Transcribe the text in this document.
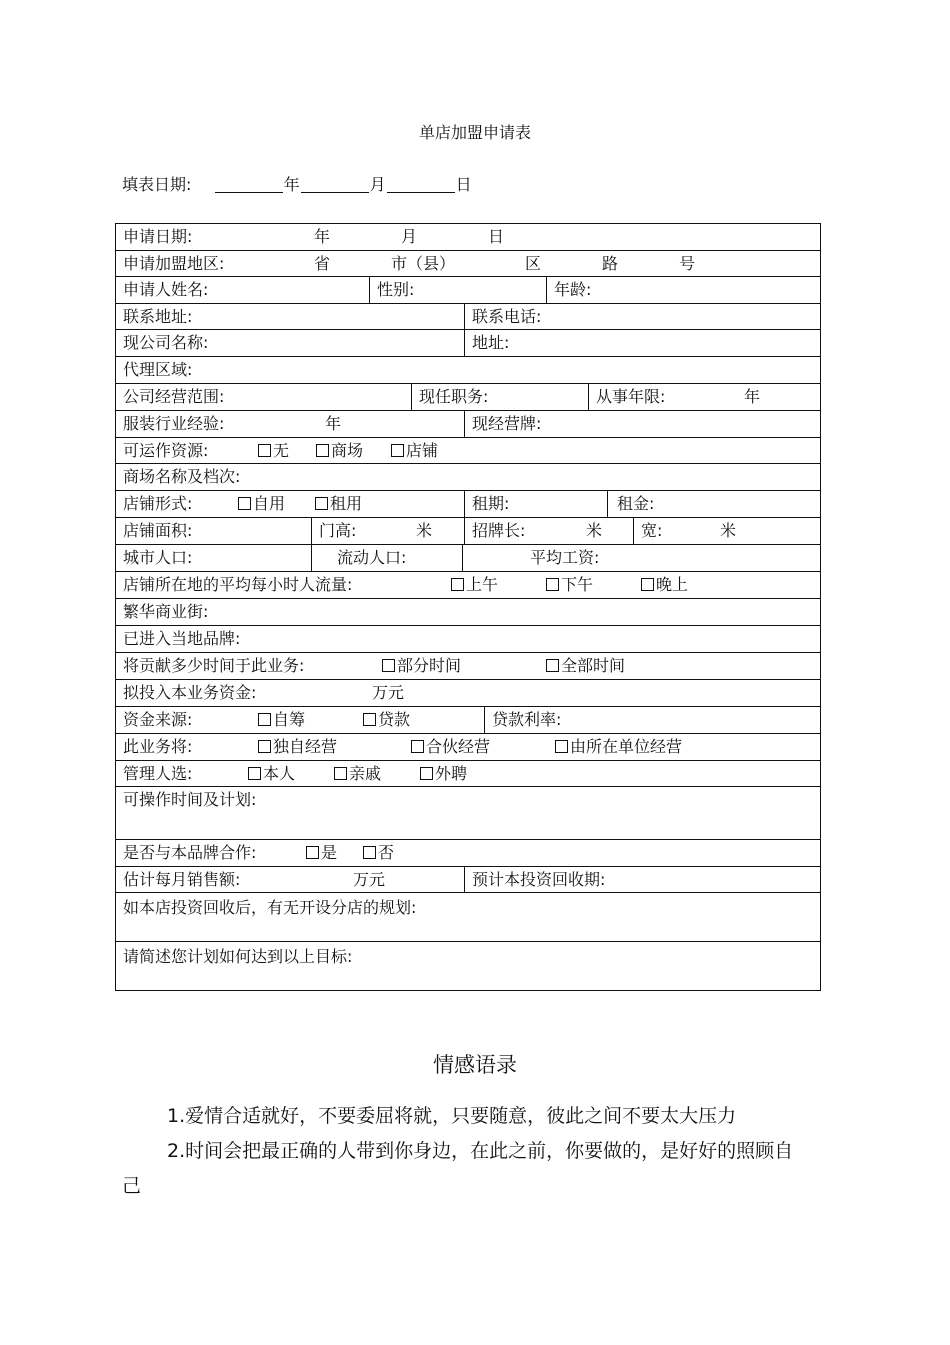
单店加盟申请表
填表日期:	年	月	日
申请日期:	年	月	日
申请加盟地区:	省	市（县）	区	路	号
申请人姓名:	性别:	年龄:
联系地址:	联系电话:
现公司名称:	地址:
代理区域:
公司经营范围:	现任职务:	从事年限:	年
服装行业经验:	年	现经营牌:
可运作资源:	无	商场	店铺
商场名称及档次:
店铺形式:	自用	租用	租期:	租金:
店铺面积:	门高:	米	招牌长:	米	宽:	米
城市人口:	流动人口:	平均工资:
店铺所在地的平均每小时人流量:	上午	下午	晚上
繁华商业街:
已进入当地品牌:
将贡献多少时间于此业务:	部分时间	全部时间
拟投入本业务资金:	万元
资金来源:	自筹	贷款	贷款利率:
此业务将:	独自经营	合伙经营	由所在单位经营
管理人选:	本人	亲戚	外聘
可操作时间及计划:
是否与本品牌合作:	是	否
估计每月销售额:	万元	预计本投资回收期:
如本店投资回收后，有无开设分店的规划:
请简述您计划如何达到以上目标:
情感语录
1.爱情合适就好，不要委屈将就，只要随意，彼此之间不要太大压力
2.时间会把最正确的人带到你身边，在此之前，你要做的，是好好的照顾自己
